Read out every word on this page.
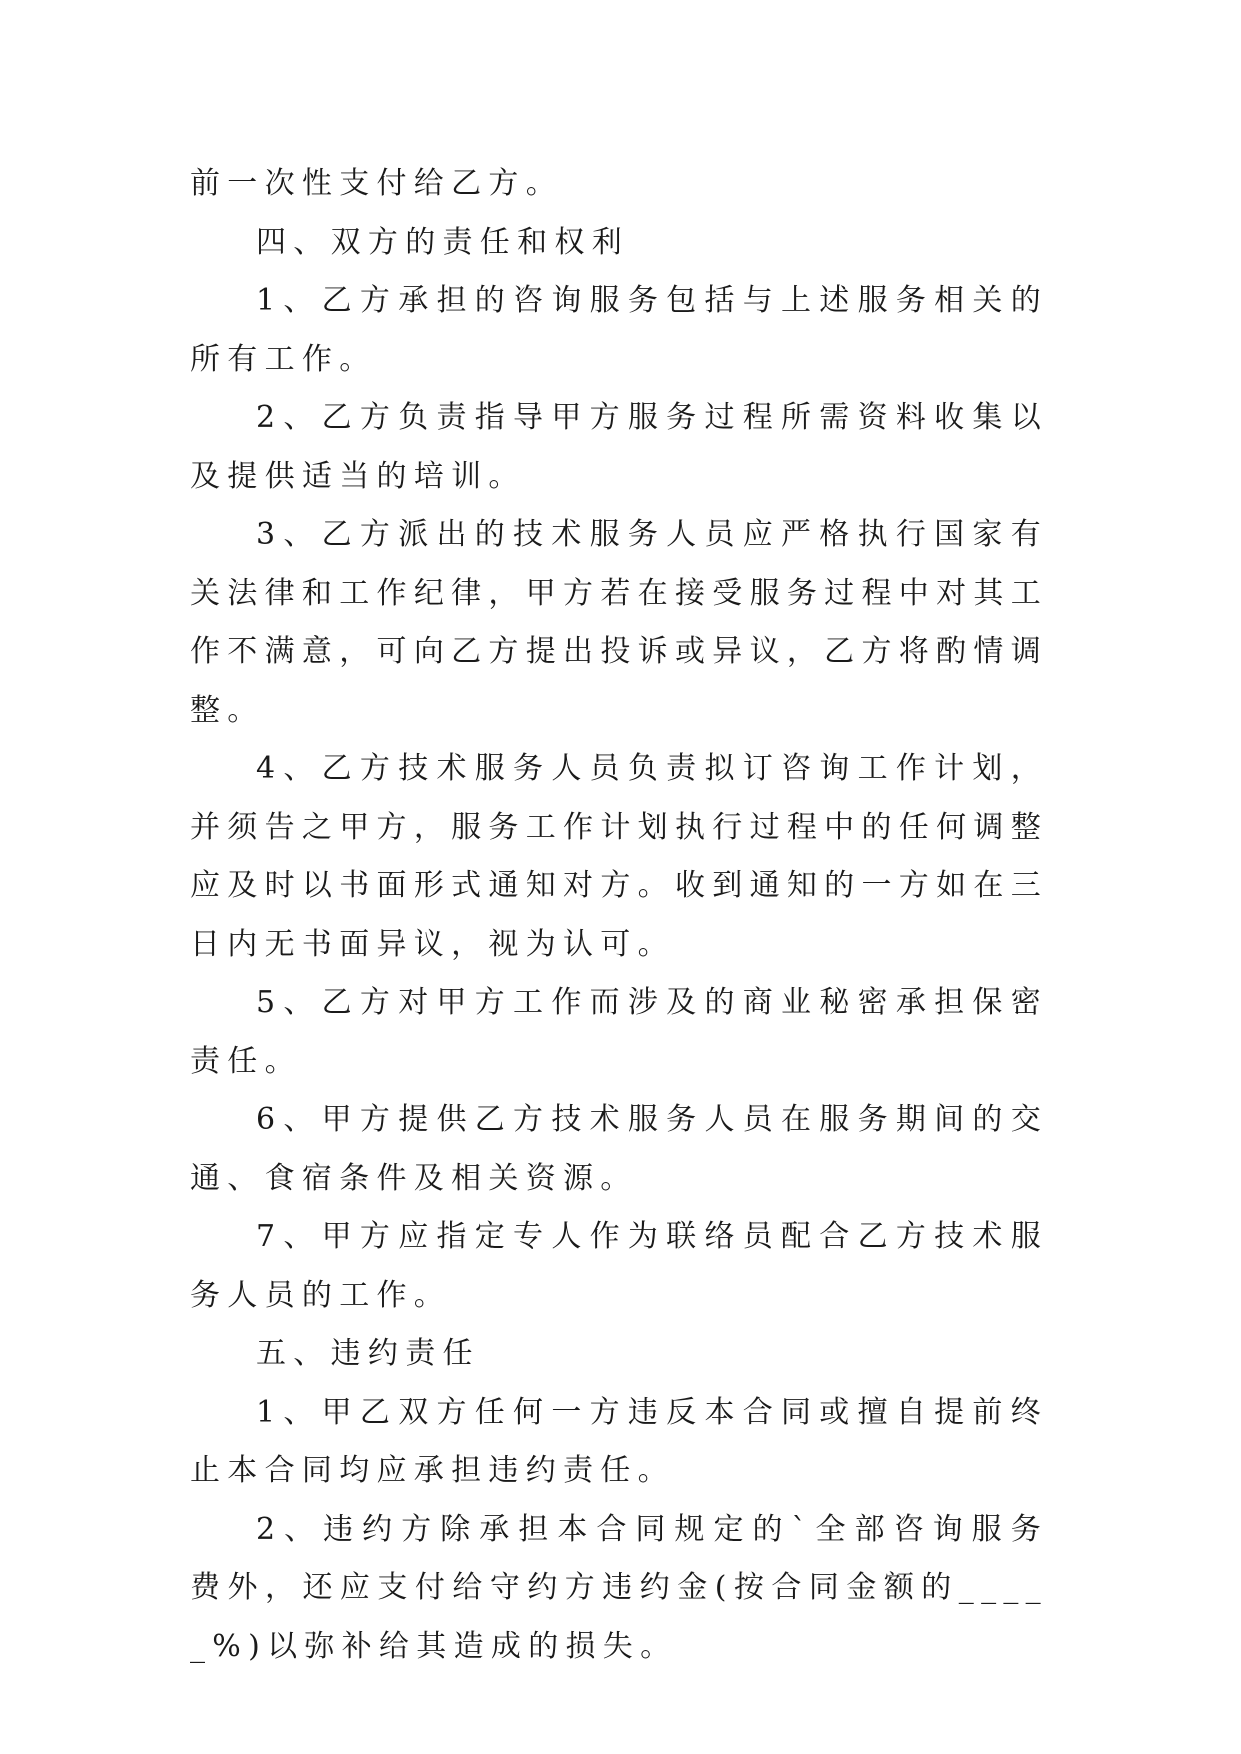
前一次性支付给乙方。

四、双方的责任和权利

1、乙方承担的咨询服务包括与上述服务相关的所有工作。

2、乙方负责指导甲方服务过程所需资料收集以及提供适当的培训。

3、乙方派出的技术服务人员应严格执行国家有关法律和工作纪律，甲方若在接受服务过程中对其工作不满意，可向乙方提出投诉或异议，乙方将酌情调整。

4、乙方技术服务人员负责拟订咨询工作计划，并须告之甲方，服务工作计划执行过程中的任何调整应及时以书面形式通知对方。收到通知的一方如在三日内无书面异议，视为认可。

5、乙方对甲方工作而涉及的商业秘密承担保密责任。

6、甲方提供乙方技术服务人员在服务期间的交通、食宿条件及相关资源。

7、甲方应指定专人作为联络员配合乙方技术服务人员的工作。

五、违约责任

1、甲乙双方任何一方违反本合同或擅自提前终止本合同均应承担违约责任。

2、违约方除承担本合同规定的`全部咨询服务费外，还应支付给守约方违约金(按合同金额的_____%)以弥补给其造成的损失。
